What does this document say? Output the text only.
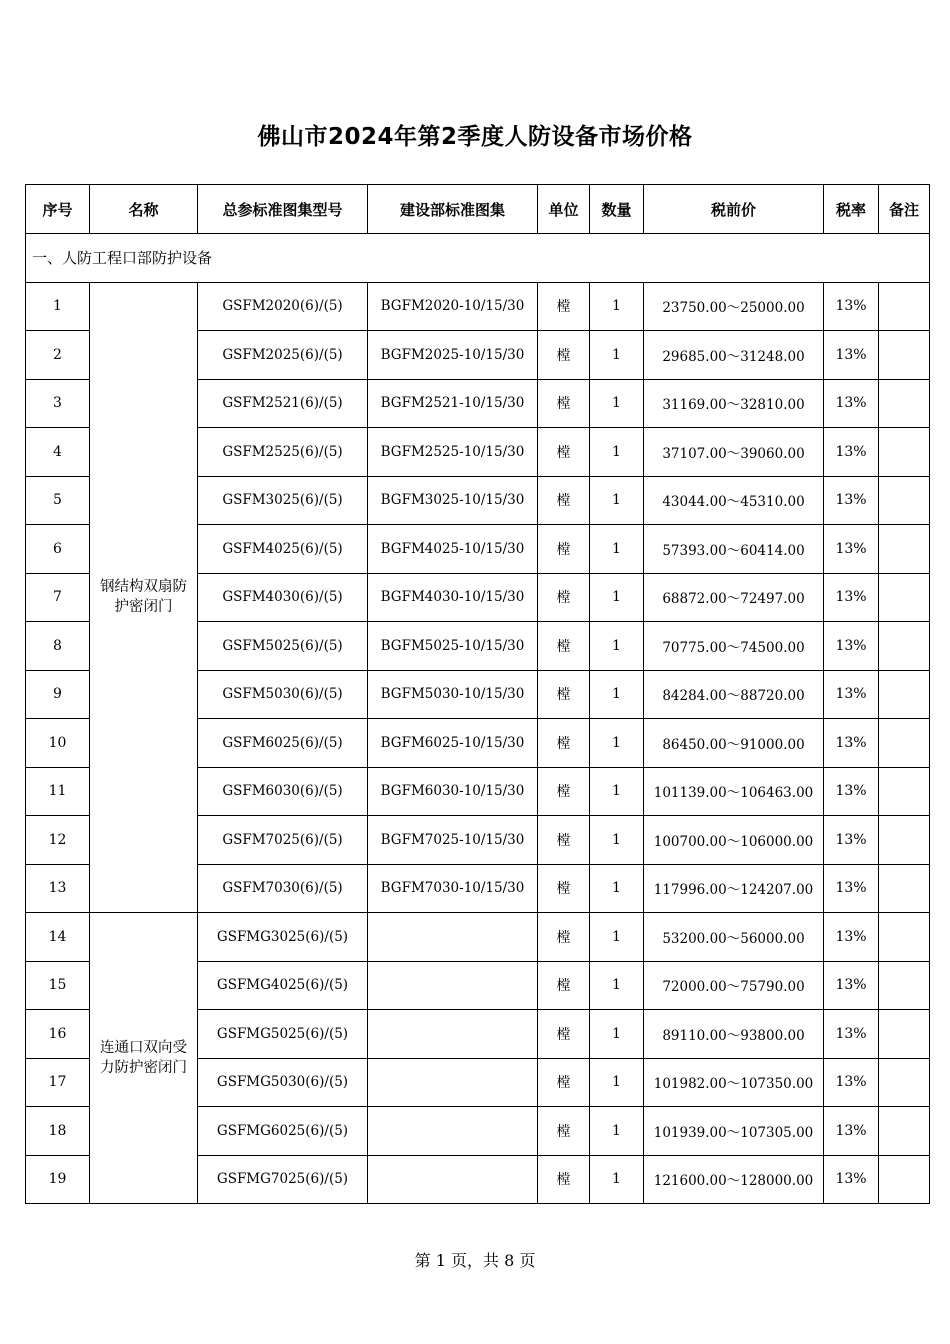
佛山市2024年第2季度人防设备市场价格
序号	名称	总参标准图集型号	建设部标准图集	单位	数量	税前价	税率	备注
一、人防工程口部防护设备								
1	钢结构双扇防护密闭门	GSFM2020(6)/(5)	BGFM2020-10/15/30	樘	1	23750.00～25000.00	13%	
2		GSFM2025(6)/(5)	BGFM2025-10/15/30	樘	1	29685.00～31248.00	13%	
3		GSFM2521(6)/(5)	BGFM2521-10/15/30	樘	1	31169.00～32810.00	13%	
4		GSFM2525(6)/(5)	BGFM2525-10/15/30	樘	1	37107.00～39060.00	13%	
5		GSFM3025(6)/(5)	BGFM3025-10/15/30	樘	1	43044.00～45310.00	13%	
6		GSFM4025(6)/(5)	BGFM4025-10/15/30	樘	1	57393.00～60414.00	13%	
7		GSFM4030(6)/(5)	BGFM4030-10/15/30	樘	1	68872.00～72497.00	13%	
8		GSFM5025(6)/(5)	BGFM5025-10/15/30	樘	1	70775.00～74500.00	13%	
9		GSFM5030(6)/(5)	BGFM5030-10/15/30	樘	1	84284.00～88720.00	13%	
10		GSFM6025(6)/(5)	BGFM6025-10/15/30	樘	1	86450.00～91000.00	13%	
11		GSFM6030(6)/(5)	BGFM6030-10/15/30	樘	1	101139.00～106463.00	13%	
12		GSFM7025(6)/(5)	BGFM7025-10/15/30	樘	1	100700.00～106000.00	13%	
13		GSFM7030(6)/(5)	BGFM7030-10/15/30	樘	1	117996.00～124207.00	13%	
14	连通口双向受力防护密闭门	GSFMG3025(6)/(5)		樘	1	53200.00～56000.00	13%	
15		GSFMG4025(6)/(5)		樘	1	72000.00～75790.00	13%	
16		GSFMG5025(6)/(5)		樘	1	89110.00～93800.00	13%	
17		GSFMG5030(6)/(5)		樘	1	101982.00～107350.00	13%	
18		GSFMG6025(6)/(5)		樘	1	101939.00～107305.00	13%	
19		GSFMG7025(6)/(5)		樘	1	121600.00～128000.00	13%	
第 1 页，共 8 页
